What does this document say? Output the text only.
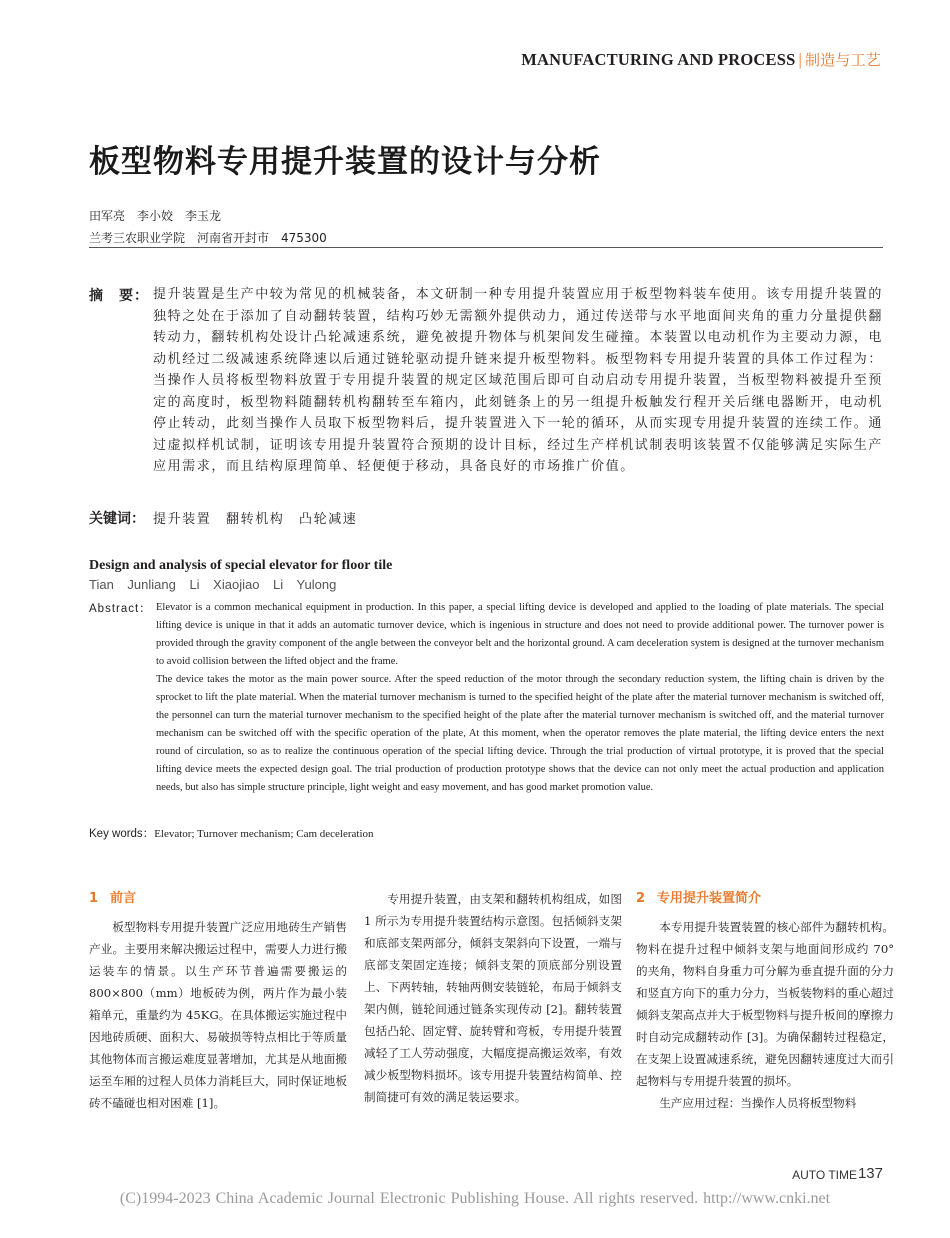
MANUFACTURING AND PROCESS | 制造与工艺
板型物料专用提升装置的设计与分析
田军亮　李小姣　李玉龙
兰考三农职业学院　河南省开封市　475300
摘　要： 提升装置是生产中较为常见的机械装备，本文研制一种专用提升装置应用于板型物料装车使用。该专用提升装置的独特之处在于添加了自动翻转装置，结构巧妙无需额外提供动力，通过传送带与水平地面间夹角的重力分量提供翻转动力，翻转机构处设计凸轮减速系统，避免被提升物体与机架间发生碰撞。本装置以电动机作为主要动力源，电动机经过二级减速系统降速以后通过链轮驱动提升链来提升板型物料。板型物料专用提升装置的具体工作过程为：当操作人员将板型物料放置于专用提升装置的规定区域范围后即可自动启动专用提升装置，当板型物料被提升至预定的高度时，板型物料随翻转机构翻转至车箱内，此刻链条上的另一组提升板触发行程开关后继电器断开，电动机停止转动，此刻当操作人员取下板型物料后，提升装置进入下一轮的循环，从而实现专用提升装置的连续工作。通过虚拟样机试制，证明该专用提升装置符合预期的设计目标，经过生产样机试制表明该装置不仅能够满足实际生产应用需求，而且结构原理简单、轻便便于移动，具备良好的市场推广价值。
关键词： 提升装置　翻转机构　凸轮减速
Design and analysis of special elevator for floor tile
Tian Junliang Li Xiaojiao Li Yulong
Abstract： Elevator is a common mechanical equipment in production. In this paper, a special lifting device is developed and applied to the loading of plate materials. The special lifting device is unique in that it adds an automatic turnover device, which is ingenious in structure and does not need to provide additional power. The turnover power is provided through the gravity component of the angle between the conveyor belt and the horizontal ground. A cam deceleration system is designed at the turnover mechanism to avoid collision between the lifted object and the frame.

The device takes the motor as the main power source. After the speed reduction of the motor through the secondary reduction system, the lifting chain is driven by the sprocket to lift the plate material. When the material turnover mechanism is turned to the specified height of the plate after the material turnover mechanism is switched off, the personnel can turn the material turnover mechanism to the specified height of the plate after the material turnover mechanism is switched off, and the material turnover mechanism can be switched off with the specific operation of the plate, At this moment, when the operator removes the plate material, the lifting device enters the next round of circulation, so as to realize the continuous operation of the special lifting device. Through the trial production of virtual prototype, it is proved that the special lifting device meets the expected design goal. The trial production of production prototype shows that the device can not only meet the actual production and application needs, but also has simple structure principle, light weight and easy movement, and has good market promotion value.

Key words：Elevator; Turnover mechanism; Cam deceleration
1 前言

板型物料专用提升装置广泛应用地砖生产销售产业。主要用来解决搬运过程中，需要人力进行搬运装车的情景。以生产环节普遍需要搬运的 800×800（mm）地板砖为例，两片作为最小装箱单元，重量约为 45KG。在具体搬运实施过程中因地砖质硬、面积大、易破损等特点相比于等质量其他物体而言搬运难度显著增加，尤其是从地面搬运至车厢的过程人员体力消耗巨大，同时保证地板砖不磕碰也相对困难 [1]。

专用提升装置，由支架和翻转机构组成，如图 1 所示为专用提升装置结构示意图。包括倾斜支架和底部支架两部分，倾斜支架斜向下设置，一端与底部支架固定连接；倾斜支架的顶底部分别设置上、下两转轴，转轴两侧安装链轮，布局于倾斜支架内侧，链轮间通过链条实现传动 [2]。翻转装置包括凸轮、固定臂、旋转臂和弯板，专用提升装置减轻了工人劳动强度，大幅度提高搬运效率，有效减少板型物料损坏。该专用提升装置结构简单、控制简捷可有效的满足装运要求。

2 专用提升装置简介

本专用提升装置装置的核心部件为翻转机构。物料在提升过程中倾斜支架与地面间形成约 70° 的夹角，物料自身重力可分解为垂直提升面的分力和竖直方向下的重力分力，当板装物料的重心超过倾斜支架高点并大于板型物料与提升板间的摩擦力时自动完成翻转动作 [3]。为确保翻转过程稳定，在支架上设置减速系统，避免因翻转速度过大而引起物料与专用提升装置的损坏。

生产应用过程：当操作人员将板型物料

AUTO TIME 137
(C)1994-2023 China Academic Journal Electronic Publishing House. All rights reserved. http://www.cnki.net
